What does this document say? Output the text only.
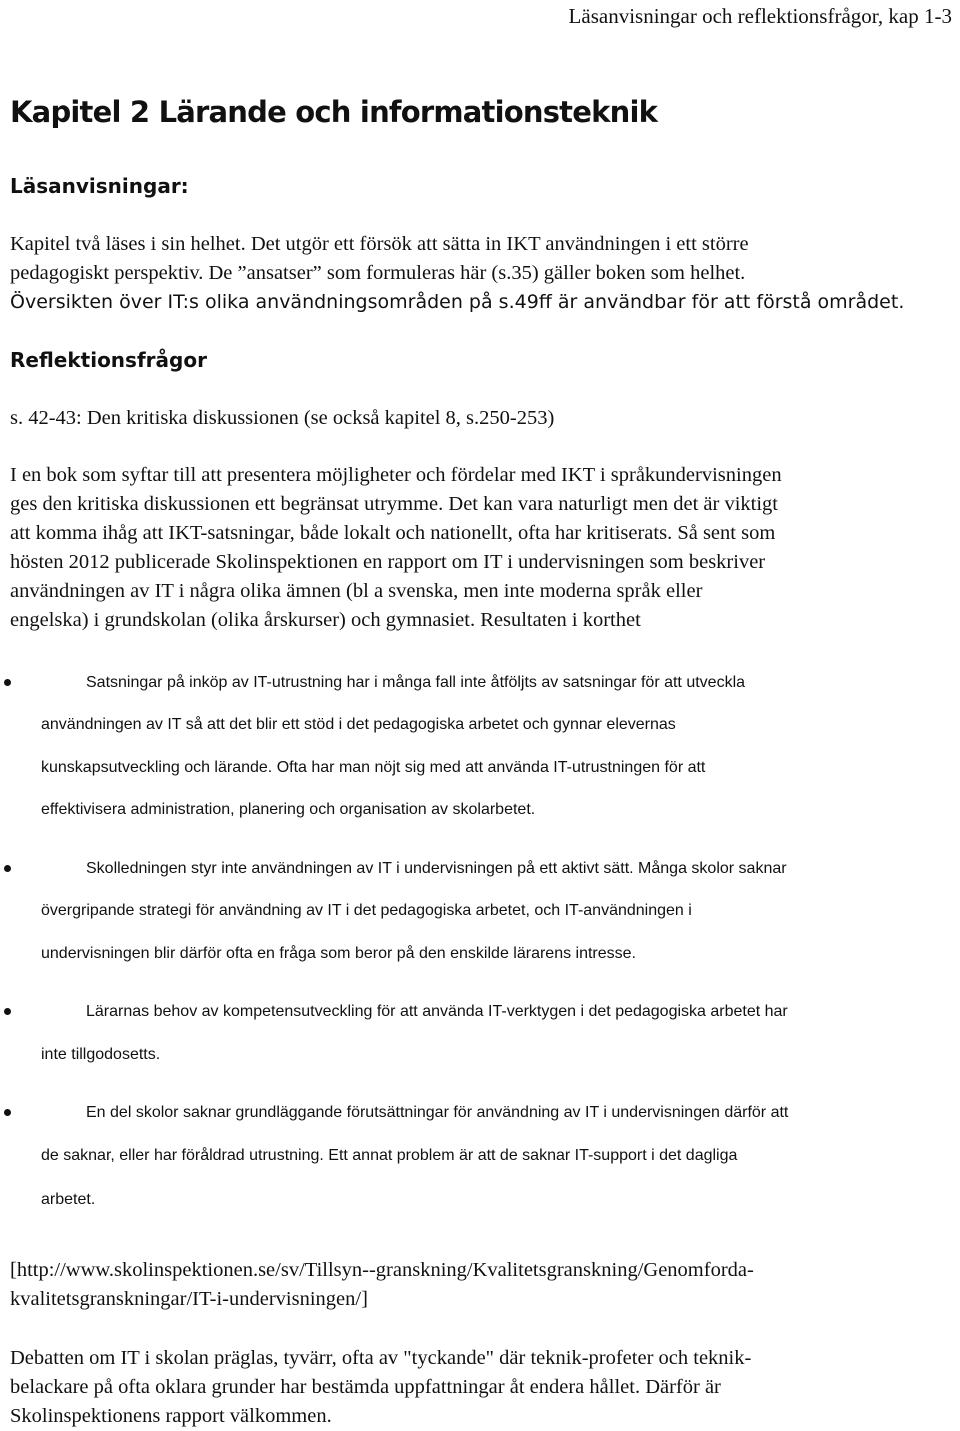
Läsanvisningar och reflektionsfrågor, kap 1-3
Kapitel 2 Lärande och informationsteknik
Läsanvisningar:
Kapitel två läses i sin helhet. Det utgör ett försök att sätta in IKT användningen i ett större
pedagogiskt perspektiv. De ”ansatser” som formuleras här (s.35) gäller boken som helhet.
Översikten över IT:s olika användningsområden på s.49ff är användbar för att förstå området.
Reflektionsfrågor
s. 42-43: Den kritiska diskussionen (se också kapitel 8, s.250-253)
I en bok som syftar till att presentera möjligheter och fördelar med IKT i språkundervisningen
ges den kritiska diskussionen ett begränsat utrymme. Det kan vara naturligt men det är viktigt
att komma ihåg att IKT-satsningar, både lokalt och nationellt, ofta har kritiserats. Så sent som
hösten 2012 publicerade Skolinspektionen en rapport om IT i undervisningen som beskriver
användningen av IT i några olika ämnen (bl a svenska, men inte moderna språk eller
engelska) i grundskolan (olika årskurser) och gymnasiet. Resultaten i korthet
Satsningar på inköp av IT-utrustning har i många fall inte åtföljts av satsningar för att utveckla
användningen av IT så att det blir ett stöd i det pedagogiska arbetet och gynnar elevernas
kunskapsutveckling och lärande. Ofta har man nöjt sig med att använda IT-utrustningen för att
effektivisera administration, planering och organisation av skolarbetet.
Skolledningen styr inte användningen av IT i undervisningen på ett aktivt sätt. Många skolor saknar
övergripande strategi för användning av IT i det pedagogiska arbetet, och IT-användningen i
undervisningen blir därför ofta en fråga som beror på den enskilde lärarens intresse.
Lärarnas behov av kompetensutveckling för att använda IT-verktygen i det pedagogiska arbetet har
inte tillgodosetts.
En del skolor saknar grundläggande förutsättningar för användning av IT i undervisningen därför att
de saknar, eller har föråldrad utrustning. Ett annat problem är att de saknar IT-support i det dagliga
arbetet.
[http://www.skolinspektionen.se/sv/Tillsyn--granskning/Kvalitetsgranskning/Genomforda-
kvalitetsgranskningar/IT-i-undervisningen/]
Debatten om IT i skolan präglas, tyvärr, ofta av "tyckande" där teknik-profeter och teknik-
belackare på ofta oklara grunder har bestämda uppfattningar åt endera hållet. Därför är
Skolinspektionens rapport välkommen.
